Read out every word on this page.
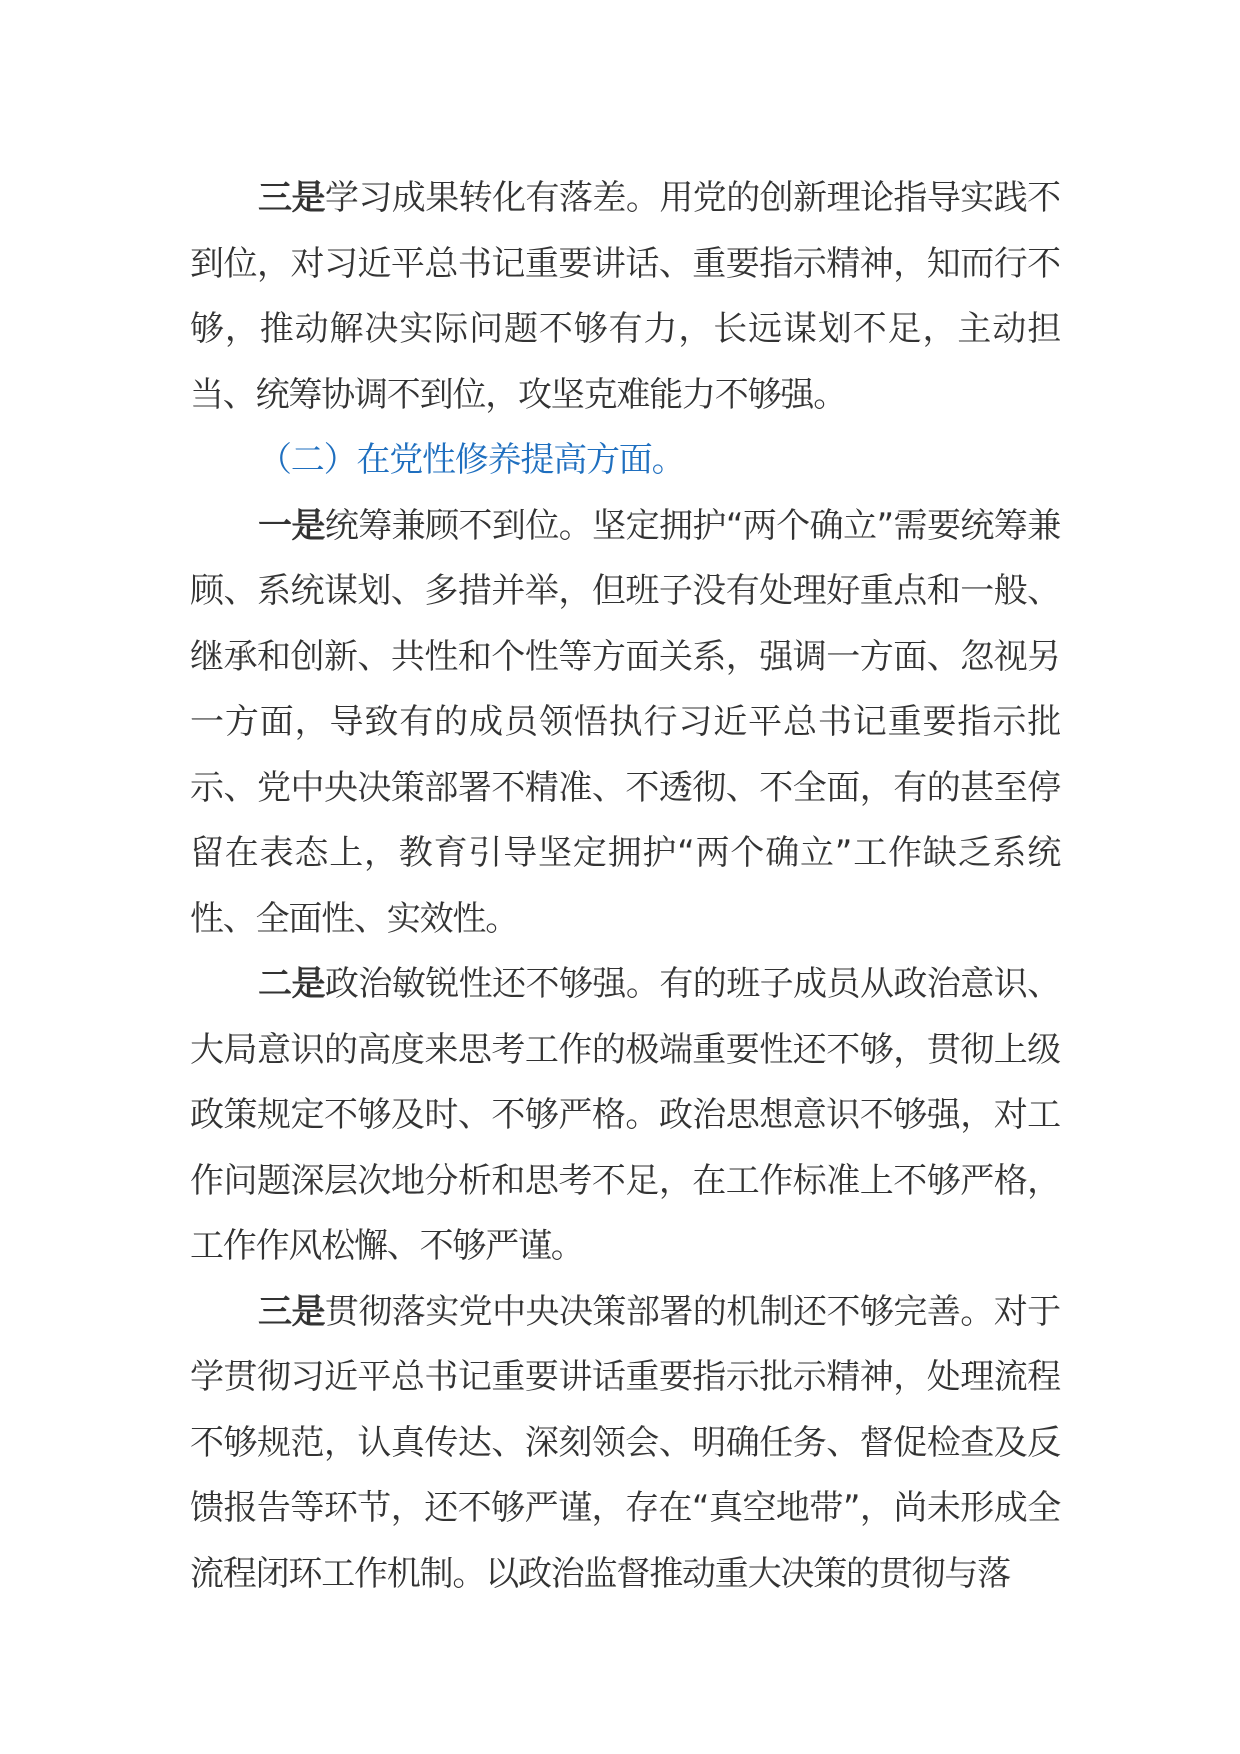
三是学习成果转化有落差。用党的创新理论指导实践不到位，对习近平总书记重要讲话、重要指示精神，知而行不够，推动解决实际问题不够有力，长远谋划不足，主动担当、统筹协调不到位，攻坚克难能力不够强。

（二）在党性修养提高方面。

一是统筹兼顾不到位。坚定拥护“两个确立”需要统筹兼顾、系统谋划、多措并举，但班子没有处理好重点和一般、继承和创新、共性和个性等方面关系，强调一方面、忽视另一方面，导致有的成员领悟执行习近平总书记重要指示批示、党中央决策部署不精准、不透彻、不全面，有的甚至停留在表态上，教育引导坚定拥护“两个确立”工作缺乏系统性、全面性、实效性。

二是政治敏锐性还不够强。有的班子成员从政治意识、大局意识的高度来思考工作的极端重要性还不够，贯彻上级政策规定不够及时、不够严格。政治思想意识不够强，对工作问题深层次地分析和思考不足，在工作标准上不够严格，工作作风松懈、不够严谨。

三是贯彻落实党中央决策部署的机制还不够完善。对于学贯彻习近平总书记重要讲话重要指示批示精神，处理流程不够规范，认真传达、深刻领会、明确任务、督促检查及反馈报告等环节，还不够严谨，存在“真空地带”，尚未形成全流程闭环工作机制。以政治监督推动重大决策的贯彻与落
